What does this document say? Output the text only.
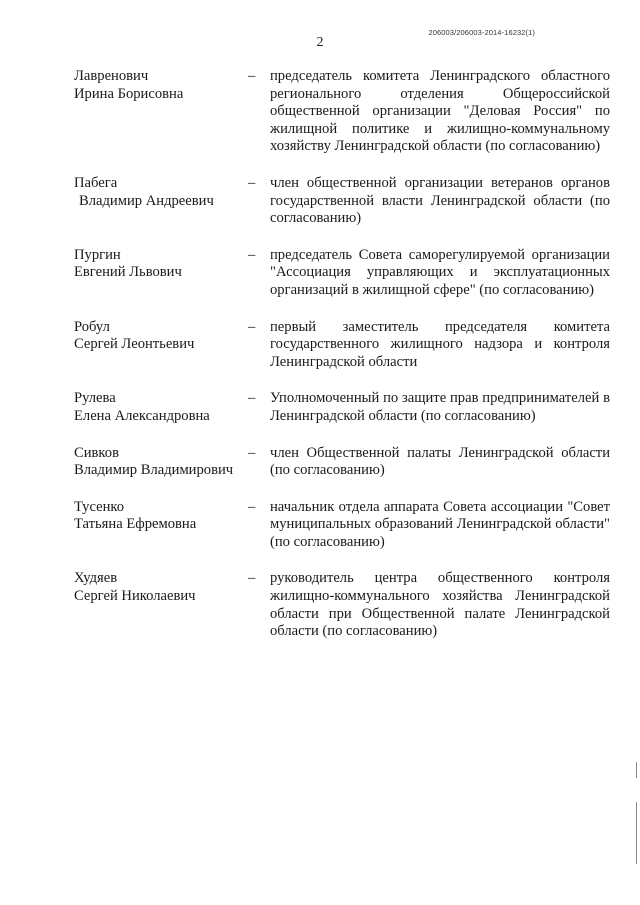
206003/206003-2014-16232(1)
2
Лавренович
Ирина Борисовна
–	председатель комитета Ленинградского областного регионального отделения Общероссийской общественной организации "Деловая Россия" по жилищной политике и жилищно-коммунальному хозяйству Ленинградской области (по согласованию)
Пабега
Владимир Андреевич
–	член общественной организации ветеранов органов государственной власти Ленинградской области (по согласованию)
Пургин
Евгений Львович
–	председатель Совета саморегулируемой организации "Ассоциация управляющих и эксплуатационных организаций в жилищной сфере" (по согласованию)
Робул
Сергей Леонтьевич
–	первый заместитель председателя комитета государственного жилищного надзора и контроля Ленинградской области
Рулева
Елена Александровна
–	Уполномоченный по защите прав предпринимателей в Ленинградской области (по согласованию)
Сивков
Владимир Владимирович
–	член Общественной палаты Ленинградской области (по согласованию)
Тусенко
Татьяна Ефремовна
–	начальник отдела аппарата Совета ассоциации "Совет муниципальных образований Ленинградской области" (по согласованию)
Худяев
Сергей Николаевич
–	руководитель центра общественного контроля жилищно-коммунального хозяйства Ленинградской области при Общественной палате Ленинградской области (по согласованию)
